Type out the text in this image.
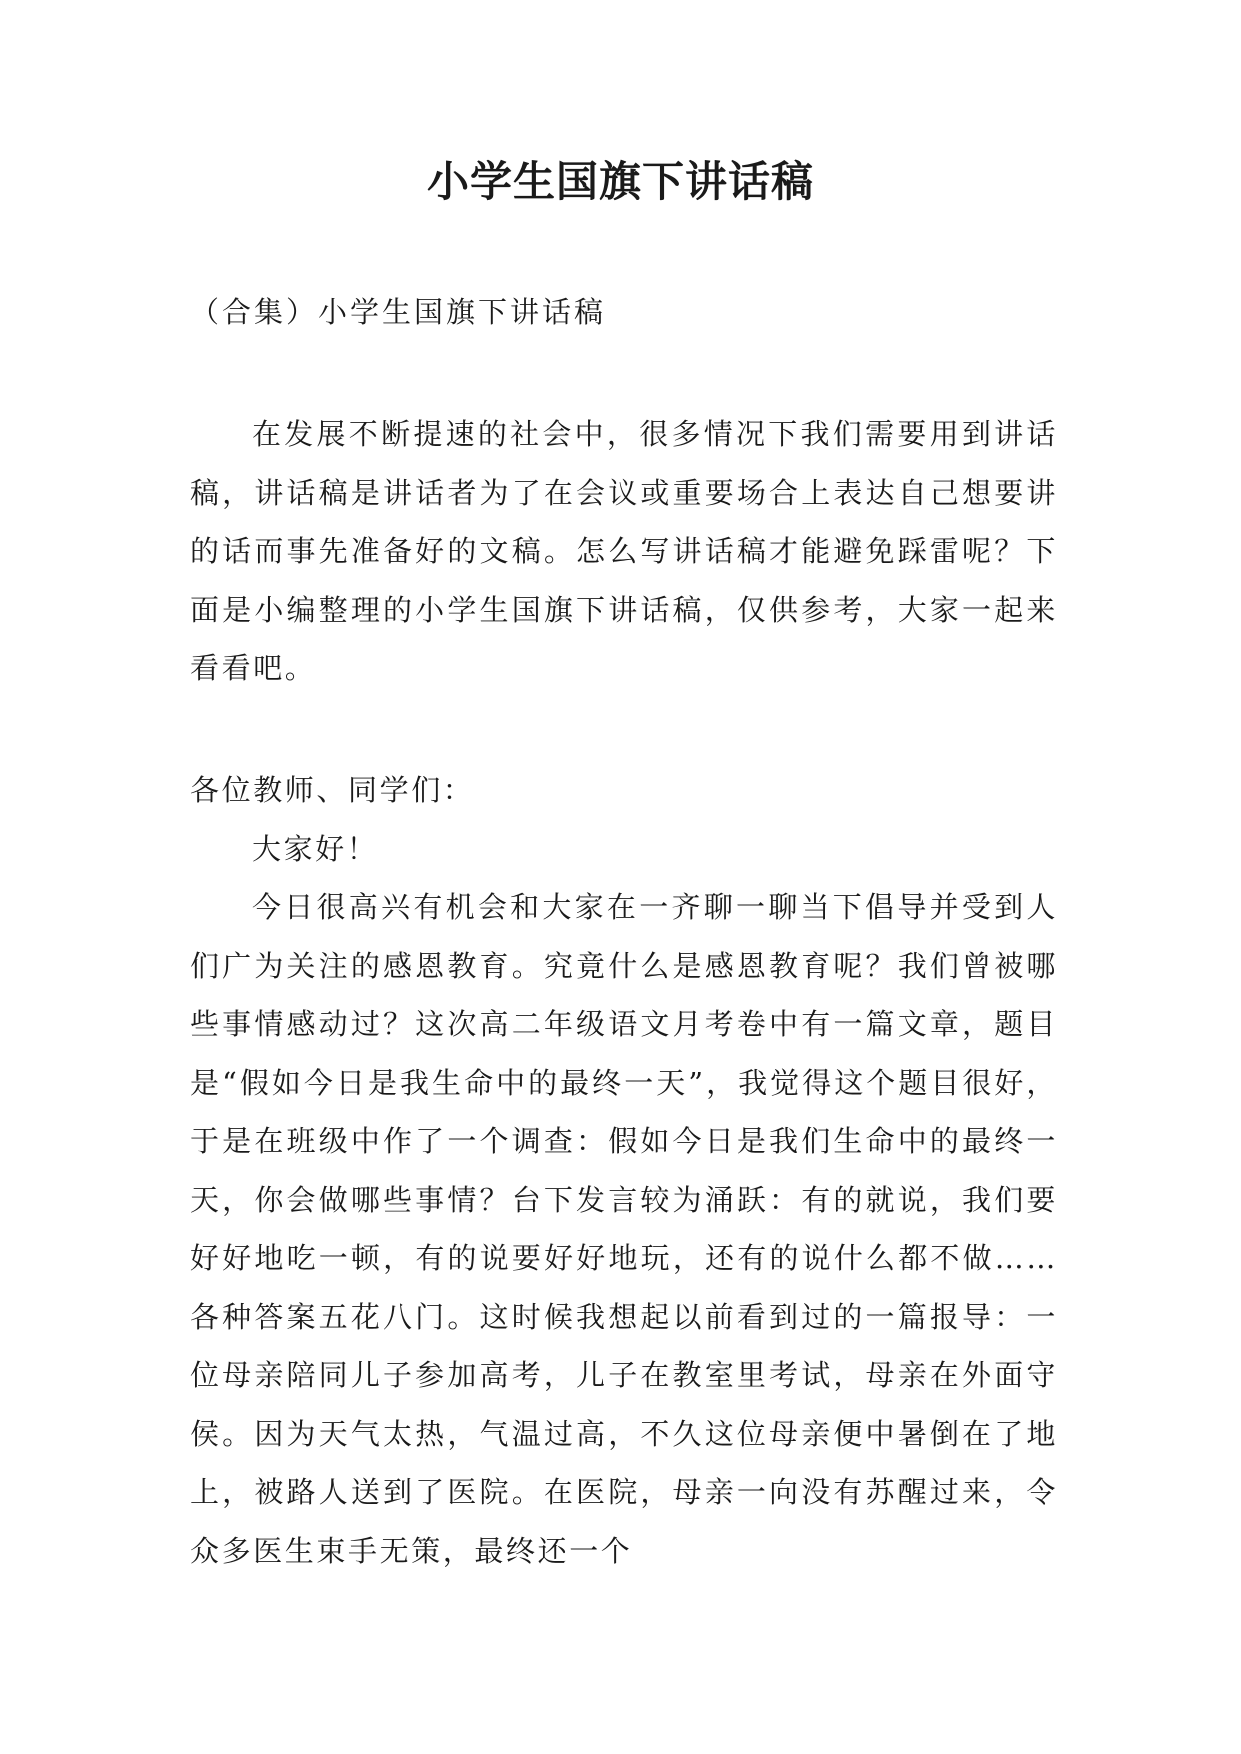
小学生国旗下讲话稿

（合集）小学生国旗下讲话稿

在发展不断提速的社会中，很多情况下我们需要用到讲话稿，讲话稿是讲话者为了在会议或重要场合上表达自己想要讲的话而事先准备好的文稿。怎么写讲话稿才能避免踩雷呢？下面是小编整理的小学生国旗下讲话稿，仅供参考，大家一起来看看吧。

各位教师、同学们：

大家好！

今日很高兴有机会和大家在一齐聊一聊当下倡导并受到人们广为关注的感恩教育。究竟什么是感恩教育呢？我们曾被哪些事情感动过？这次高二年级语文月考卷中有一篇文章，题目是“假如今日是我生命中的最终一天”，我觉得这个题目很好，于是在班级中作了一个调查：假如今日是我们生命中的最终一天，你会做哪些事情？台下发言较为涌跃：有的就说，我们要好好地吃一顿，有的说要好好地玩，还有的说什么都不做……各种答案五花八门。这时候我想起以前看到过的一篇报导：一位母亲陪同儿子参加高考，儿子在教室里考试，母亲在外面守侯。因为天气太热，气温过高，不久这位母亲便中暑倒在了地上，被路人送到了医院。在医院，母亲一向没有苏醒过来，令众多医生束手无策，最终还一个
